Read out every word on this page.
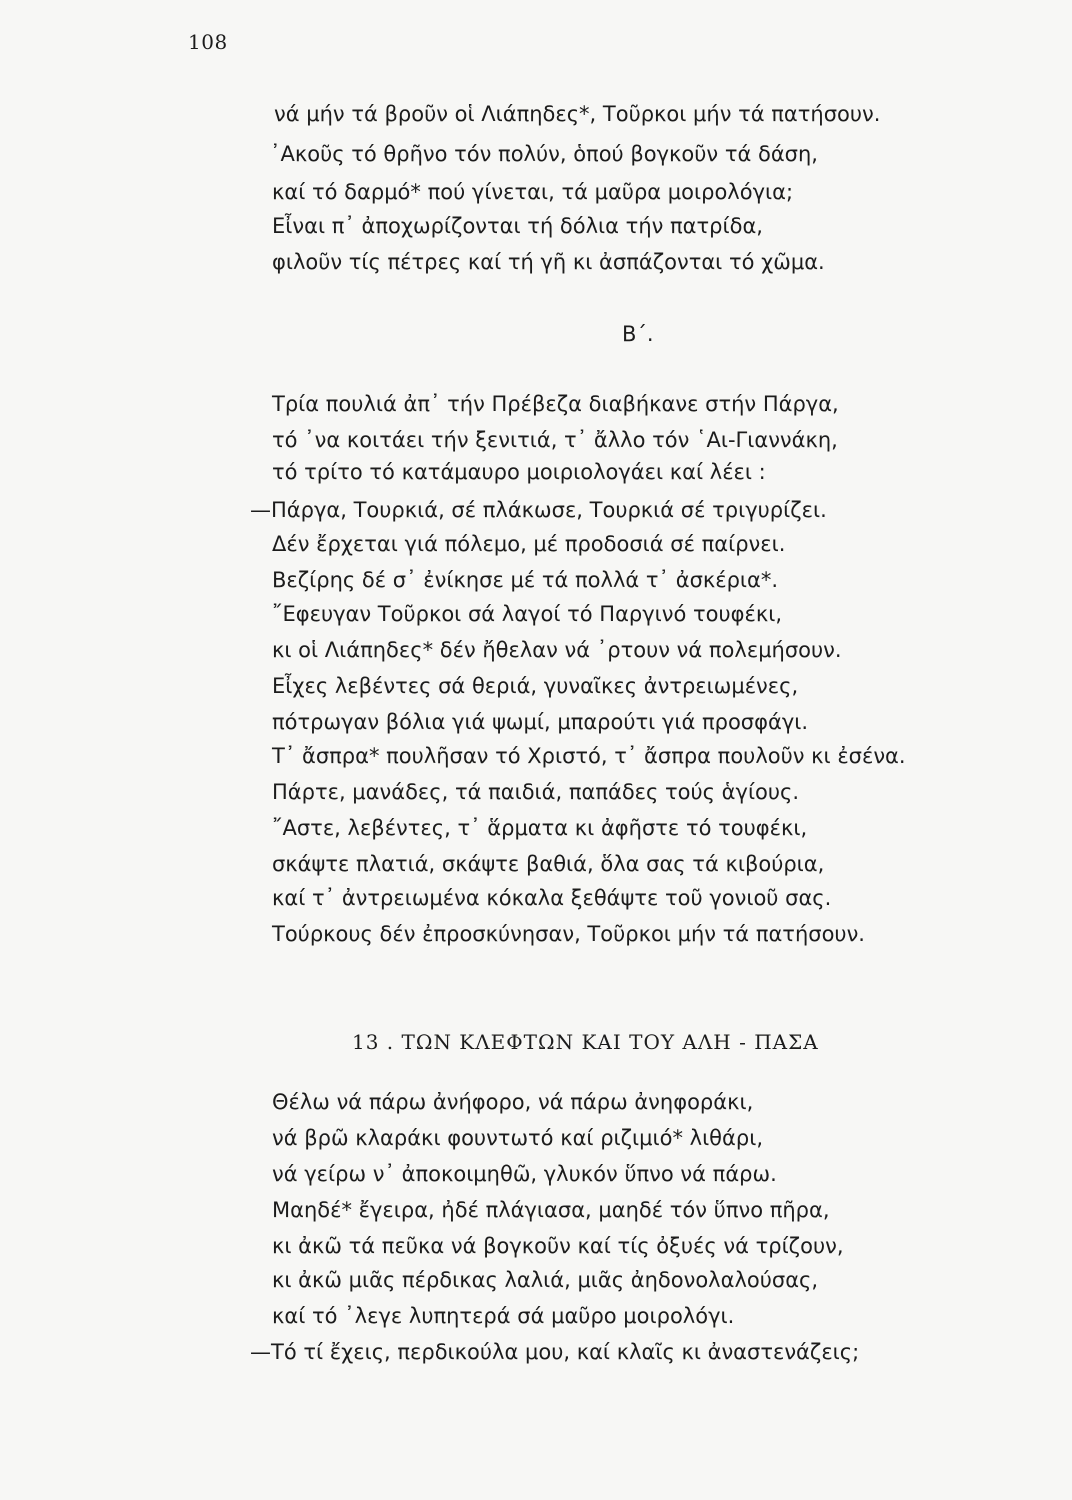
108
νά μήν τά βροῦν οἱ Λιάπηδες*, Τοῦρκοι μήν τά πατήσουν.
᾿Ακοῦς τό θρῆνο τόν πολύν, ὁπού βογκοῦν τά δάση,
καί τό δαρμό* πού γίνεται, τά μαῦρα μοιρολόγια;
Εἶναι π᾿ ἀποχωρίζονται τή δόλια τήν πατρίδα,
φιλοῦν τίς πέτρες καί τή γῆ κι ἀσπάζονται τό χῶμα.
Β΄.
Τρία πουλιά ἀπ᾿ τήν Πρέβεζα διαβήκανε στήν Πάργα,
τό ᾿να κοιτάει τήν ξενιτιά, τ᾿ ἄλλο τόν ῾Αι-Γιαννάκη,
τό τρίτο τό κατάμαυρο μοιριολογάει καί λέει :
—Πάργα, Τουρκιά, σέ πλάκωσε, Τουρκιά σέ τριγυρίζει.
Δέν ἔρχεται γιά πόλεμο, μέ προδοσιά σέ παίρνει.
Βεζίρης δέ σ᾿ ἐνίκησε μέ τά πολλά τ᾿ ἀσκέρια*.
῎Εφευγαν Τοῦρκοι σά λαγοί τό Παργινό τουφέκι,
κι οἱ Λιάπηδες* δέν ἤθελαν νά ᾿ρτουν νά πολεμήσουν.
Εἶχες λεβέντες σά θεριά, γυναῖκες ἀντρειωμένες,
πότρωγαν βόλια γιά ψωμί, μπαρούτι γιά προσφάγι.
Τ᾿ ἄσπρα* πουλῆσαν τό Χριστό, τ᾿ ἄσπρα πουλοῦν κι ἐσένα.
Πάρτε, μανάδες, τά παιδιά, παπάδες τούς ἁγίους.
῎Αστε, λεβέντες, τ᾿ ἅρματα κι ἀφῆστε τό τουφέκι,
σκάψτε πλατιά, σκάψτε βαθιά, ὅλα σας τά κιβούρια,
καί τ᾿ ἀντρειωμένα κόκαλα ξεθάψτε τοῦ γονιοῦ σας.
Τούρκους δέν ἐπροσκύνησαν, Τοῦρκοι μήν τά πατήσουν.
13 . ΤΩΝ ΚΛΕΦΤΩΝ ΚΑΙ ΤΟΥ ΑΛΗ - ΠΑΣΑ
Θέλω νά πάρω ἀνήφορο, νά πάρω ἀνηφοράκι,
νά βρῶ κλαράκι φουντωτό καί ριζιμιό* λιθάρι,
νά γείρω ν᾿ ἀποκοιμηθῶ, γλυκόν ὕπνο νά πάρω.
Μαηδέ* ἔγειρα, ἠδέ πλάγιασα, μαηδέ τόν ὕπνο πῆρα,
κι ἀκῶ τά πεῦκα νά βογκοῦν καί τίς ὀξυές νά τρίζουν,
κι ἀκῶ μιᾶς πέρδικας λαλιά, μιᾶς ἀηδονολαλούσας,
καί τό ᾿λεγε λυπητερά σά μαῦρο μοιρολόγι.
—Τό τί ἔχεις, περδικούλα μου, καί κλαῖς κι ἀναστενάζεις;
